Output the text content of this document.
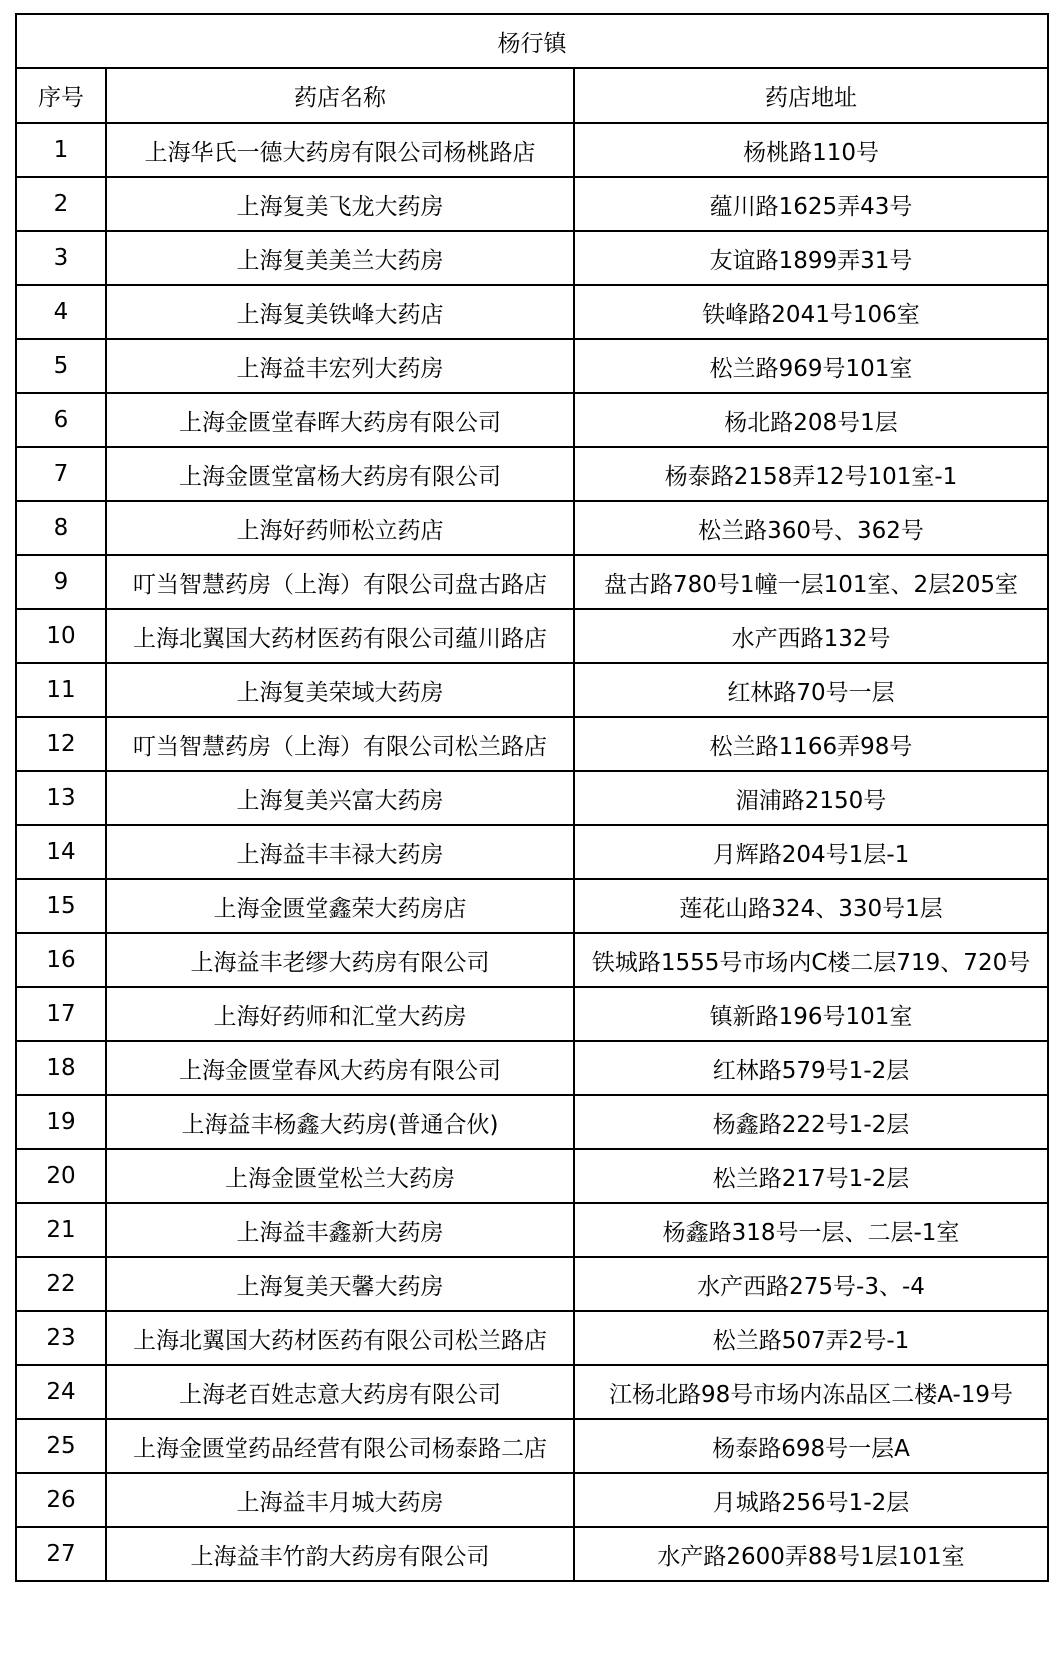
杨行镇		
序号	药店名称	药店地址
1	上海华氏一德大药房有限公司杨桃路店	杨桃路110号
2	上海复美飞龙大药房	蕴川路1625弄43号
3	上海复美美兰大药房	友谊路1899弄31号
4	上海复美铁峰大药店	铁峰路2041号106室
5	上海益丰宏列大药房	松兰路969号101室
6	上海金匮堂春晖大药房有限公司	杨北路208号1层
7	上海金匮堂富杨大药房有限公司	杨泰路2158弄12号101室-1
8	上海好药师松立药店	松兰路360号、362号
9	叮当智慧药房（上海）有限公司盘古路店	盘古路780号1幢一层101室、2层205室
10	上海北翼国大药材医药有限公司蕴川路店	水产西路132号
11	上海复美荣域大药房	红林路70号一层
12	叮当智慧药房（上海）有限公司松兰路店	松兰路1166弄98号
13	上海复美兴富大药房	湄浦路2150号
14	上海益丰丰禄大药房	月辉路204号1层-1
15	上海金匮堂鑫荣大药房店	莲花山路324、330号1层
16	上海益丰老缪大药房有限公司	铁城路1555号市场内C楼二层719、720号
17	上海好药师和汇堂大药房	镇新路196号101室
18	上海金匮堂春风大药房有限公司	红林路579号1-2层
19	上海益丰杨鑫大药房(普通合伙)	杨鑫路222号1-2层
20	上海金匮堂松兰大药房	松兰路217号1-2层
21	上海益丰鑫新大药房	杨鑫路318号一层、二层-1室
22	上海复美天馨大药房	水产西路275号-3、-4
23	上海北翼国大药材医药有限公司松兰路店	松兰路507弄2号-1
24	上海老百姓志意大药房有限公司	江杨北路98号市场内冻品区二楼A-19号
25	上海金匮堂药品经营有限公司杨泰路二店	杨泰路698号一层A
26	上海益丰月城大药房	月城路256号1-2层
27	上海益丰竹韵大药房有限公司	水产路2600弄88号1层101室
